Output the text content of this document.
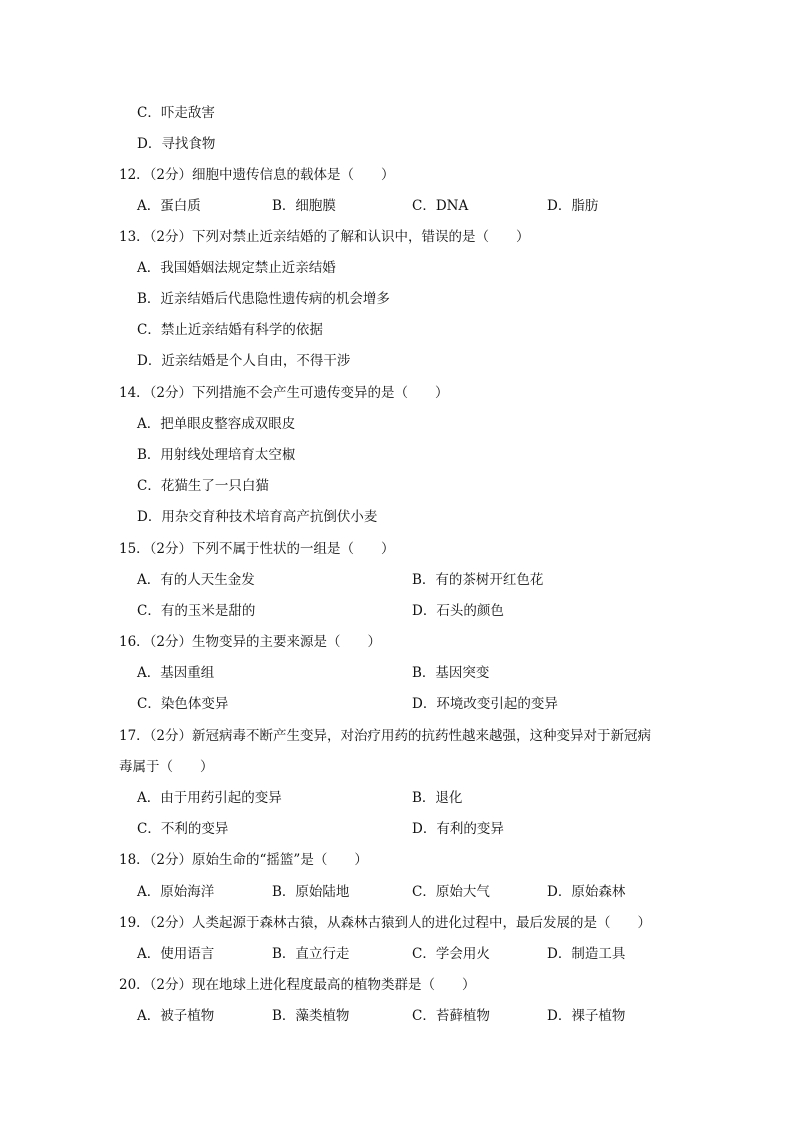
C．吓走敌害
D．寻找食物
12．（2分）细胞中遗传信息的载体是（　　）
A．蛋白质	B．细胞膜	C．DNA	D．脂肪
13．（2分）下列对禁止近亲结婚的了解和认识中，错误的是（　　）
A．我国婚姻法规定禁止近亲结婚
B．近亲结婚后代患隐性遗传病的机会增多
C．禁止近亲结婚有科学的依据
D．近亲结婚是个人自由，不得干涉
14．（2分）下列措施不会产生可遗传变异的是（　　）
A．把单眼皮整容成双眼皮
B．用射线处理培育太空椒
C．花猫生了一只白猫
D．用杂交育种技术培育高产抗倒伏小麦
15．（2分）下列不属于性状的一组是（　　）
A．有的人天生金发	B．有的茶树开红色花
C．有的玉米是甜的	D．石头的颜色
16．（2分）生物变异的主要来源是（　　）
A．基因重组	B．基因突变
C．染色体变异	D．环境改变引起的变异
17．（2分）新冠病毒不断产生变异，对治疗用药的抗药性越来越强，这种变异对于新冠病
毒属于（　　）
A．由于用药引起的变异	B．退化
C．不利的变异	D．有利的变异
18．（2分）原始生命的“摇篮”是（　　）
A．原始海洋	B．原始陆地	C．原始大气	D．原始森林
19．（2分）人类起源于森林古猿，从森林古猿到人的进化过程中，最后发展的是（　　）
A．使用语言	B．直立行走	C．学会用火	D．制造工具
20．（2分）现在地球上进化程度最高的植物类群是（　　）
A．被子植物	B．藻类植物	C．苔藓植物	D．裸子植物
